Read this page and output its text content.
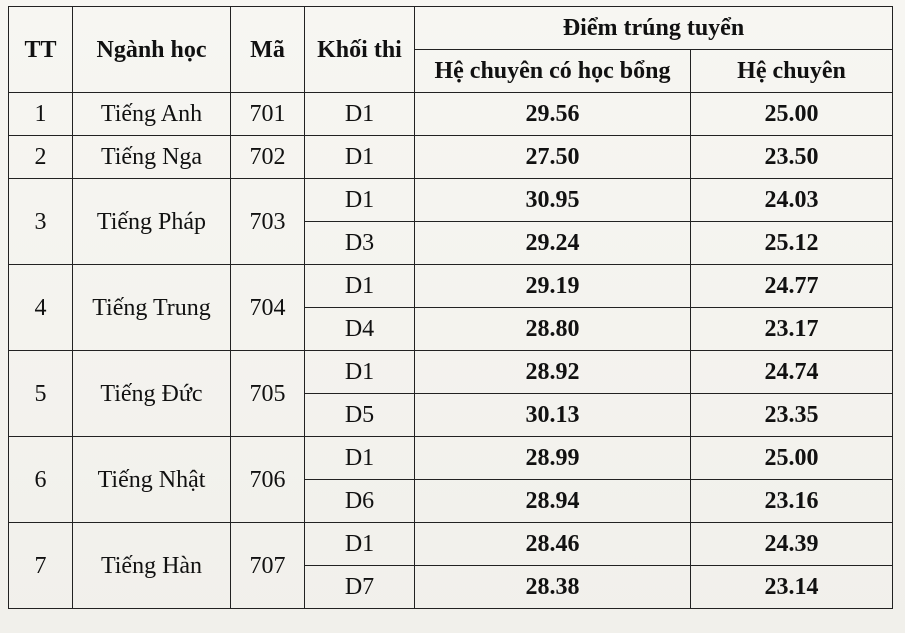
TT	Ngành học	Mã	Khối thi	Điểm trúng tuyển	
				Hệ chuyên có học bổng	Hệ chuyên
1	Tiếng Anh	701	D1	29.56	25.00
2	Tiếng Nga	702	D1	27.50	23.50
3	Tiếng Pháp	703	D1	30.95	24.03
			D3	29.24	25.12
4	Tiếng Trung	704	D1	29.19	24.77
			D4	28.80	23.17
5	Tiếng Đức	705	D1	28.92	24.74
			D5	30.13	23.35
6	Tiếng Nhật	706	D1	28.99	25.00
			D6	28.94	23.16
7	Tiếng Hàn	707	D1	28.46	24.39
			D7	28.38	23.14
